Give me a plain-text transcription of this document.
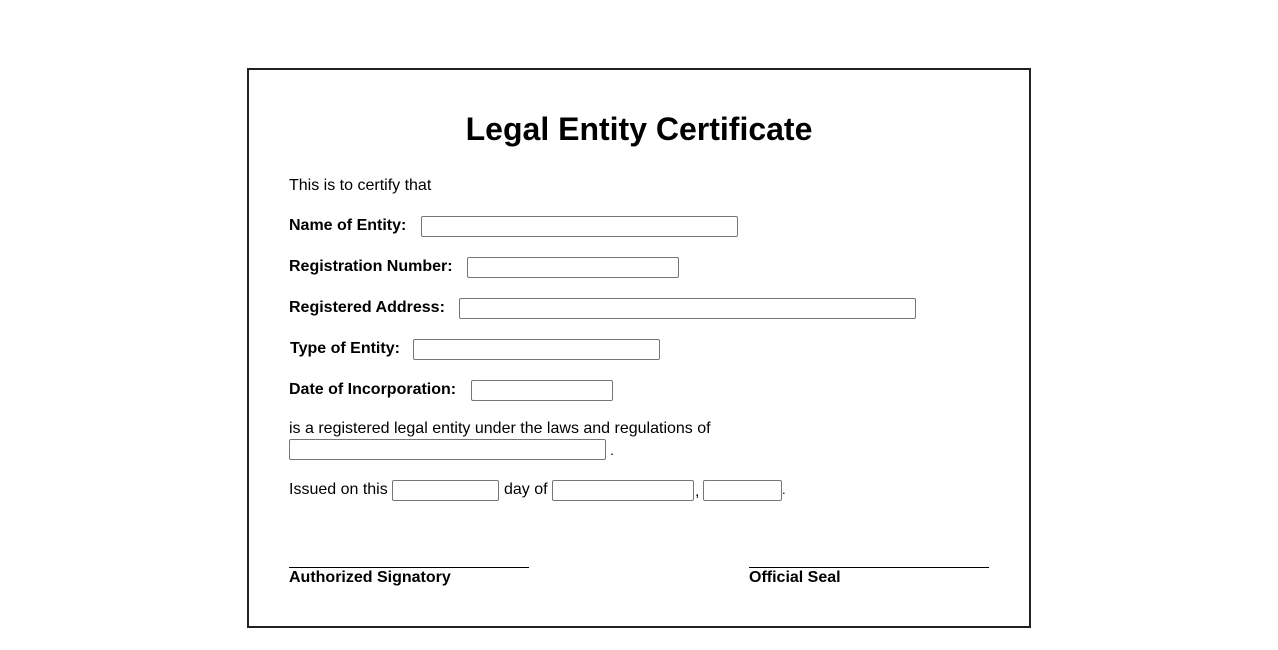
Legal Entity Certificate
This is to certify that
Name of Entity:
Registration Number:
Registered Address:
Type of Entity:
Date of Incorporation:
is a registered legal entity under the laws and regulations of
.
Issued on this	day of	,	.
Authorized Signatory	Official Seal
